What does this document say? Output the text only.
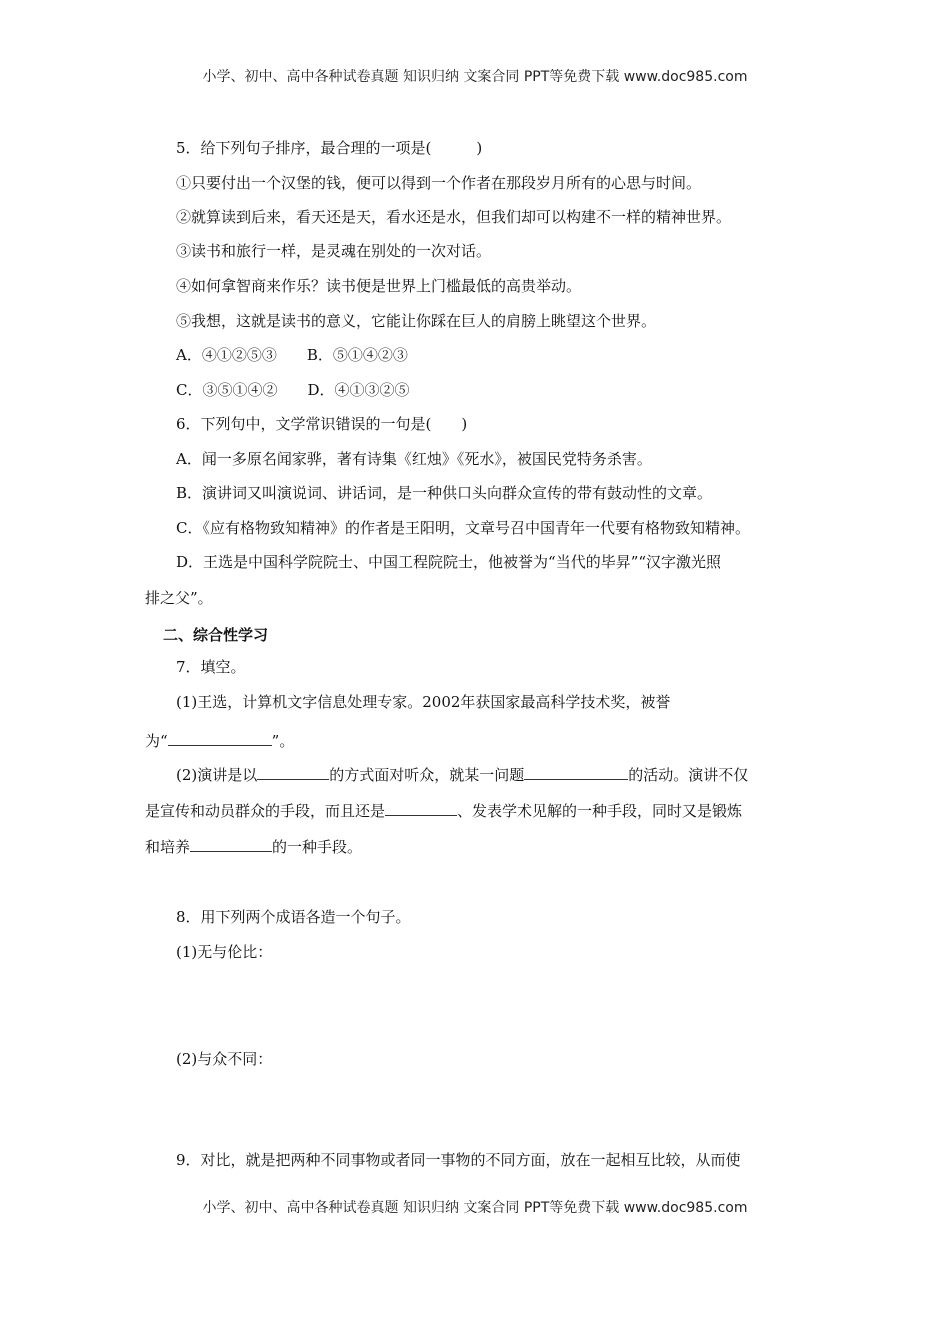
小学、初中、高中各种试卷真题 知识归纳 文案合同 PPT等免费下载 www.doc985.com
5．给下列句子排序，最合理的一项是(　　　)
①只要付出一个汉堡的钱，便可以得到一个作者在那段岁月所有的心思与时间。
②就算读到后来，看天还是天，看水还是水，但我们却可以构建不一样的精神世界。
③读书和旅行一样，是灵魂在别处的一次对话。
④如何拿智商来作乐？读书便是世界上门槛最低的高贵举动。
⑤我想，这就是读书的意义，它能让你踩在巨人的肩膀上眺望这个世界。
A．④①②⑤③　　B．⑤①④②③
C．③⑤①④②　　D．④①③②⑤
6．下列句中，文学常识错误的一句是(　　)
A．闻一多原名闻家骅，著有诗集《红烛》《死水》，被国民党特务杀害。
B．演讲词又叫演说词、讲话词，是一种供口头向群众宣传的带有鼓动性的文章。
C．《应有格物致知精神》的作者是王阳明，文章号召中国青年一代要有格物致知精神。
D．王选是中国科学院院士、中国工程院院士，他被誉为“当代的毕昇”“汉字激光照
排之父”。
二、综合性学习
7．填空。
(1)王选，计算机文字信息处理专家。2002年获国家最高科学技术奖，被誉
为“	”。
(2)演讲是以	的方式面对听众，就某一问题	的活动。演讲不仅
是宣传和动员群众的手段，而且还是	、发表学术见解的一种手段，同时又是锻炼
和培养	的一种手段。
8．用下列两个成语各造一个句子。
(1)无与伦比：
(2)与众不同：
9．对比，就是把两种不同事物或者同一事物的不同方面，放在一起相互比较，从而使
小学、初中、高中各种试卷真题 知识归纳 文案合同 PPT等免费下载 www.doc985.com
